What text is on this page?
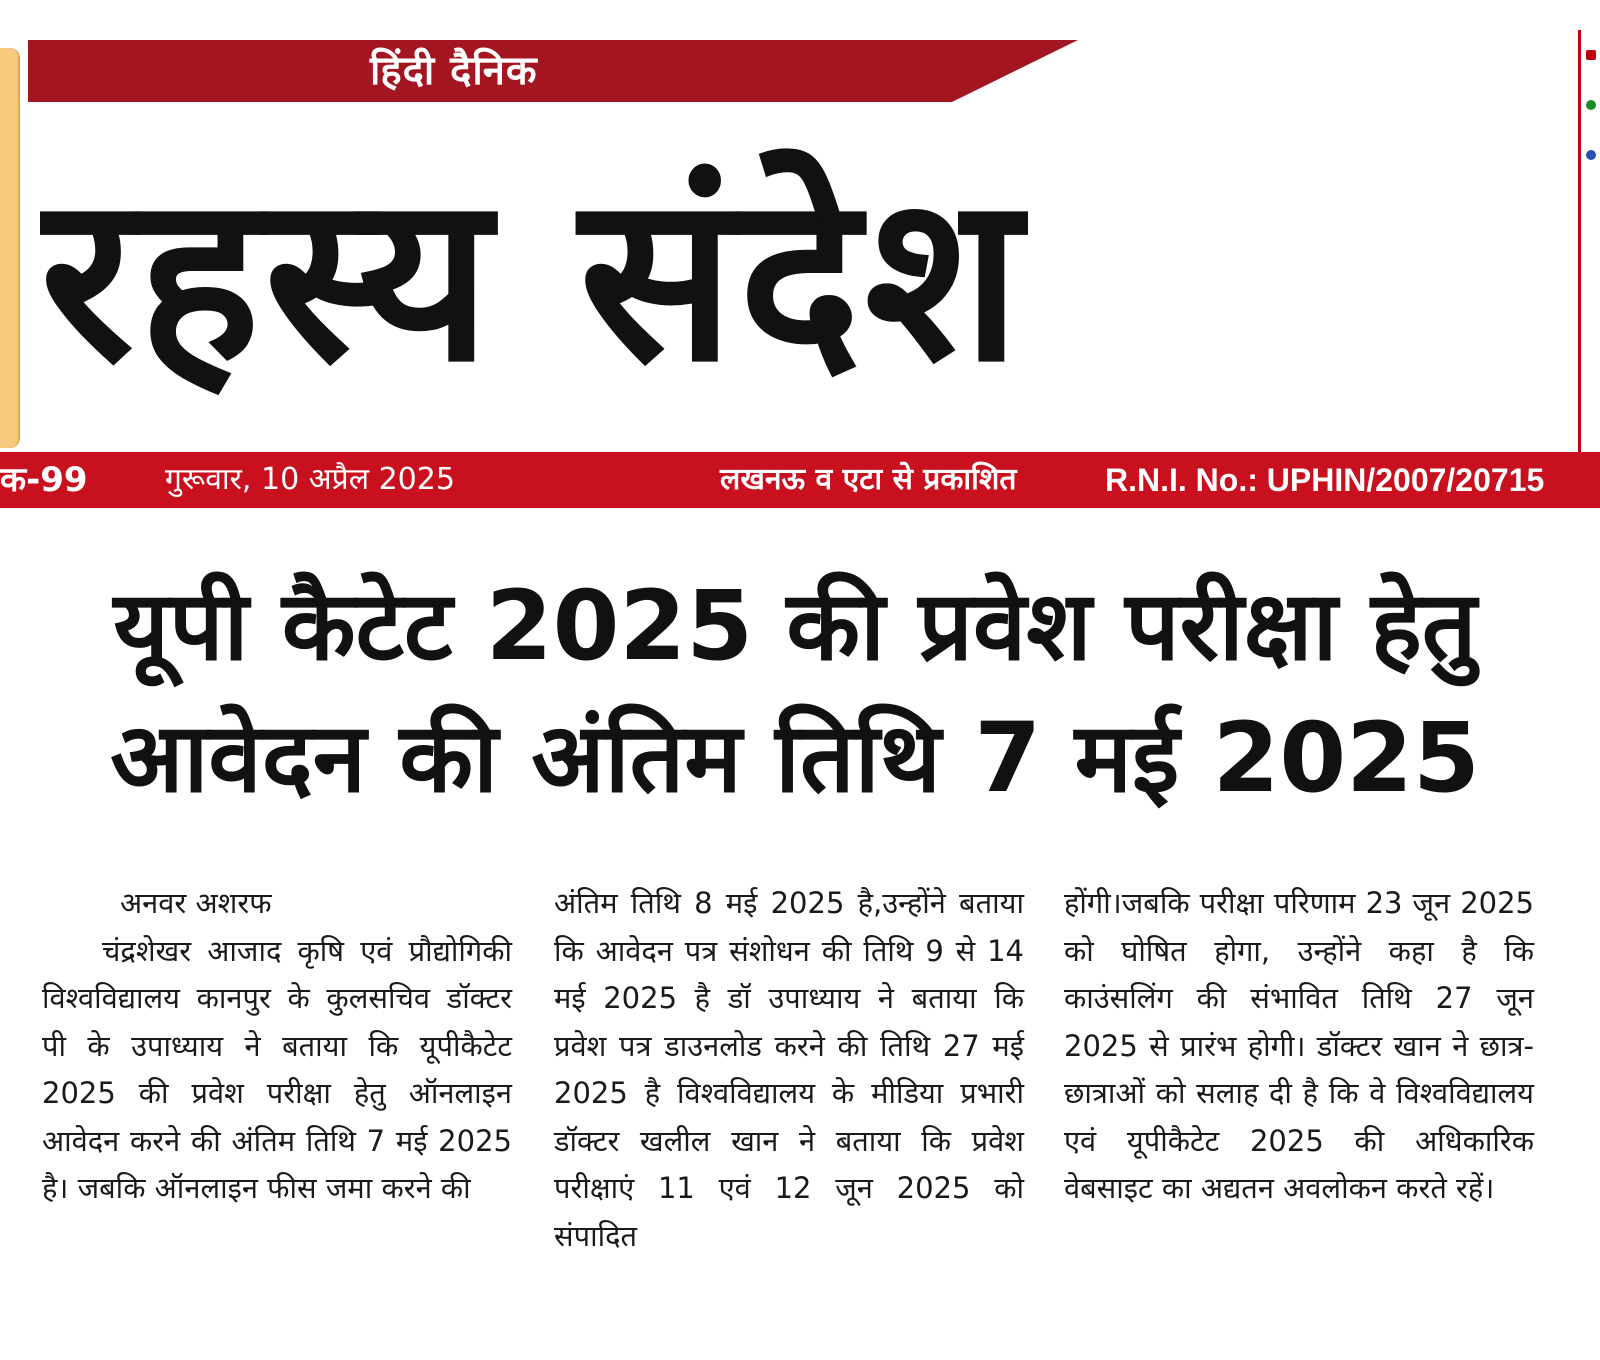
हिंदी दैनिक
रहस्य संदेश
क-99	गुरूवार, 10 अप्रैल 2025	लखनऊ व एटा से प्रकाशित	R.N.I. No.: UPHIN/2007/20715
यूपी कैटेट 2025 की प्रवेश परीक्षा हेतु
आवेदन की अंतिम तिथि 7 मई 2025
अनवर अशरफ
चंद्रशेखर आजाद कृषि एवं प्रौद्योगिकी विश्वविद्यालय कानपुर के कुलसचिव डॉक्टर पी के उपाध्याय ने बताया कि यूपीकैटेट 2025 की प्रवेश परीक्षा हेतु ऑनलाइन आवेदन करने की अंतिम तिथि 7 मई 2025 है। जबकि ऑनलाइन फीस जमा करने की
अंतिम तिथि 8 मई 2025 है,उन्होंने बताया कि आवेदन पत्र संशोधन की तिथि 9 से 14 मई 2025 है डॉ उपाध्याय ने बताया कि प्रवेश पत्र डाउनलोड करने की तिथि 27 मई 2025 है विश्वविद्यालय के मीडिया प्रभारी डॉक्टर खलील खान ने बताया कि प्रवेश परीक्षाएं 11 एवं 12 जून 2025 को संपादित
होंगी।जबकि परीक्षा परिणाम 23 जून 2025 को घोषित होगा, उन्होंने कहा है कि काउंसलिंग की संभावित तिथि 27 जून 2025 से प्रारंभ होगी। डॉक्टर खान ने छात्र-छात्राओं को सलाह दी है कि वे विश्वविद्यालय एवं यूपीकैटेट 2025 की अधिकारिक वेबसाइट का अद्यतन अवलोकन करते रहें।
